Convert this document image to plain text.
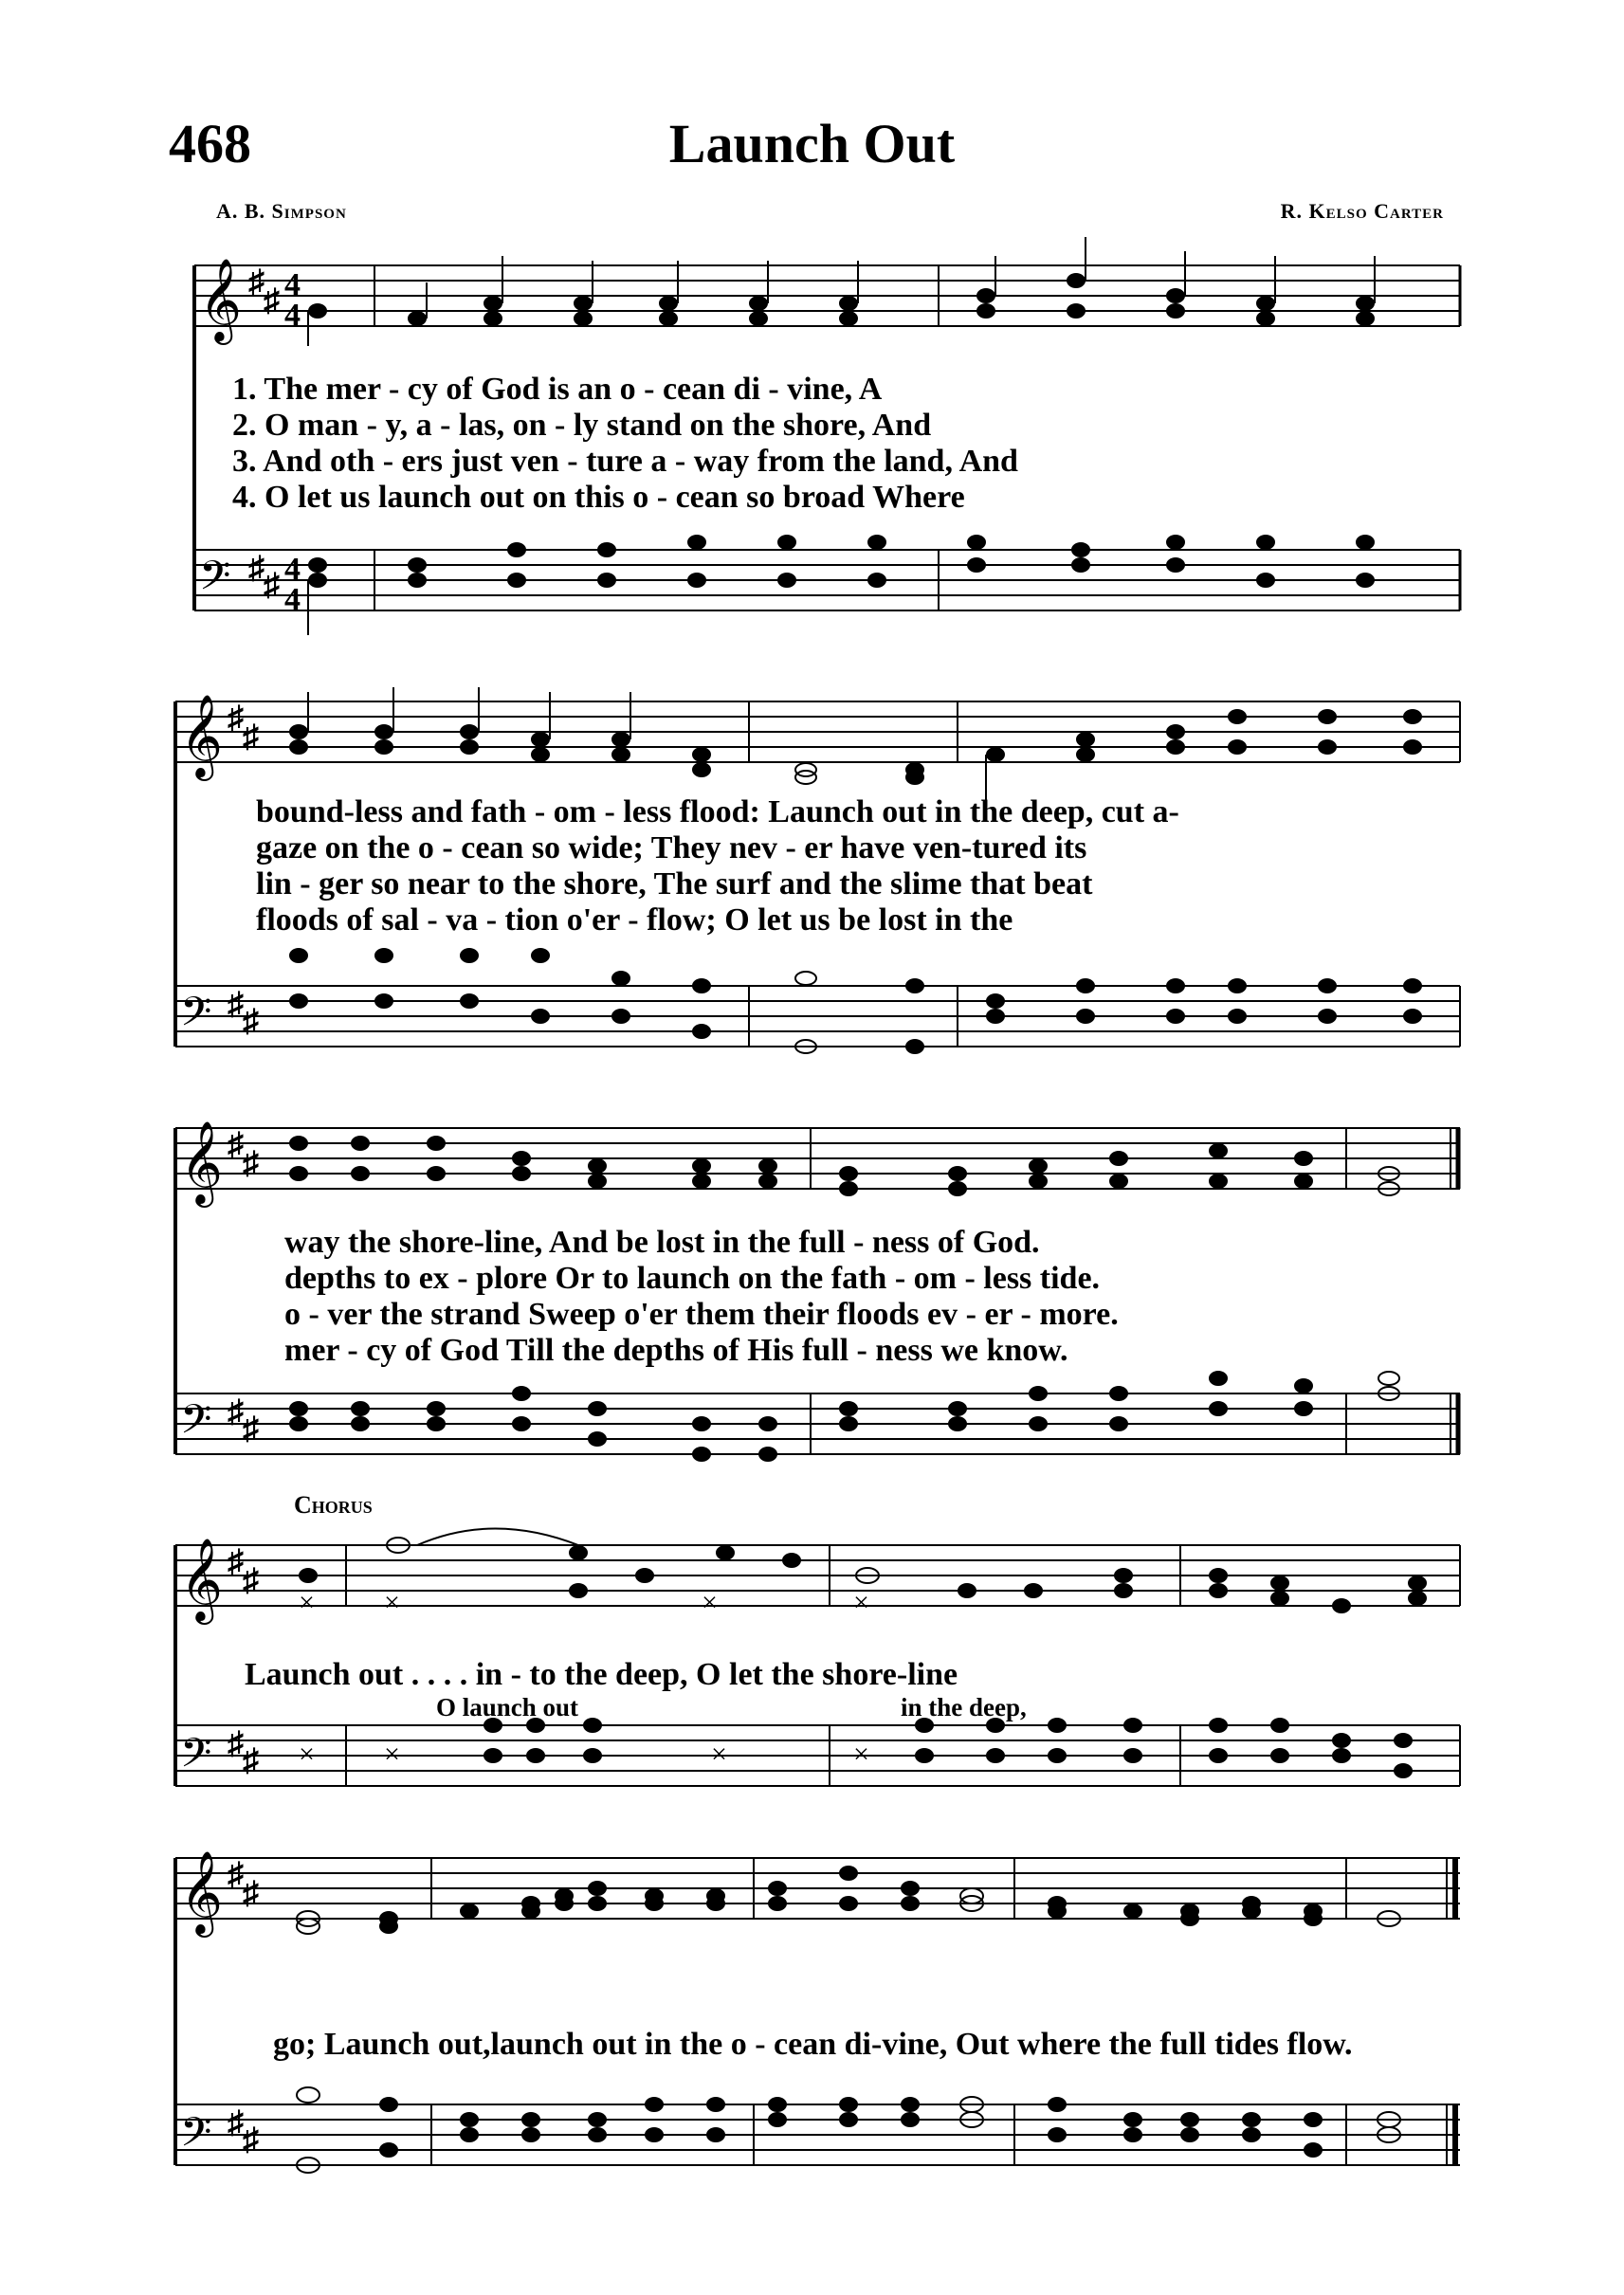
468	Launch Out
A. B. Simpson	R. Kelso Carter
𝄞
𝄢
♯
♯
♯ ♯
4
4
4
4
1. The mer - cy of God is an o - cean di - vine, A
2. O man - y, a - las, on - ly stand on the shore, And
3. And oth - ers just ven - ture a - way from the land, And
4. O let us launch out on this o - cean so broad Where
𝄞
𝄢
♯
♯
♯ ♯
bound-less and fath - om - less flood: Launch out in the deep, cut a-
gaze on the o - cean so wide; They nev - er have ven-tured its
lin - ger so near to the shore, The surf and the slime that beat
floods of sal - va - tion o'er - flow; O let us be lost in the
𝄞
𝄢
♯
♯
♯ ♯
way the shore-line, And be lost in the full - ness of God.
depths to ex - plore Or to launch on the fath - om - less tide.
o - ver the strand Sweep o'er them their floods ev - er - more.
mer - cy of God Till the depths of His full - ness we know.
Chorus
𝄞
𝄢
♯
♯
♯ ♯
× ×	×	×
× ×	×	×
Launch out . . . . in - to the deep, O let the shore-line
O launch out	in the deep,
𝄞
𝄢
♯
♯
♯ ♯
go; Launch out,launch out in the o - cean di-vine, Out where the full tides flow.
